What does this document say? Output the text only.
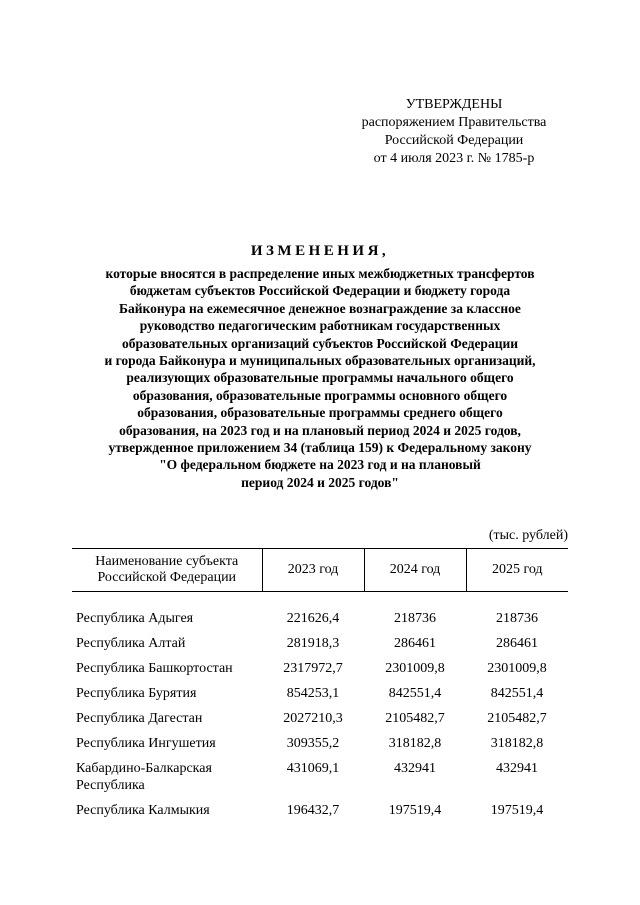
УТВЕРЖДЕНЫ
распоряжением Правительства
Российской Федерации
от 4 июля 2023 г. № 1785-р
ИЗМЕНЕНИЯ,
которые вносятся в распределение иных межбюджетных трансфертов
бюджетам субъектов Российской Федерации и бюджету города
Байконура на ежемесячное денежное вознаграждение за классное
руководство педагогическим работникам государственных
образовательных организаций субъектов Российской Федерации
и города Байконура и муниципальных образовательных организаций,
реализующих образовательные программы начального общего
образования, образовательные программы основного общего
образования, образовательные программы среднего общего
образования, на 2023 год и на плановый период 2024 и 2025 годов,
утвержденное приложением 34 (таблица 159) к Федеральному закону
"О федеральном бюджете на 2023 год и на плановый
период 2024 и 2025 годов"
(тыс. рублей)
Наименование субъекта
Российской Федерации	2023 год	2024 год	2025 год

Республика Адыгея	221626,4	218736	218736
Республика Алтай	281918,3	286461	286461
Республика Башкортостан	2317972,7	2301009,8	2301009,8
Республика Бурятия	854253,1	842551,4	842551,4
Республика Дагестан	2027210,3	2105482,7	2105482,7
Республика Ингушетия	309355,2	318182,8	318182,8
Кабардино-Балкарская Республика	431069,1	432941	432941
Республика Калмыкия	196432,7	197519,4	197519,4
